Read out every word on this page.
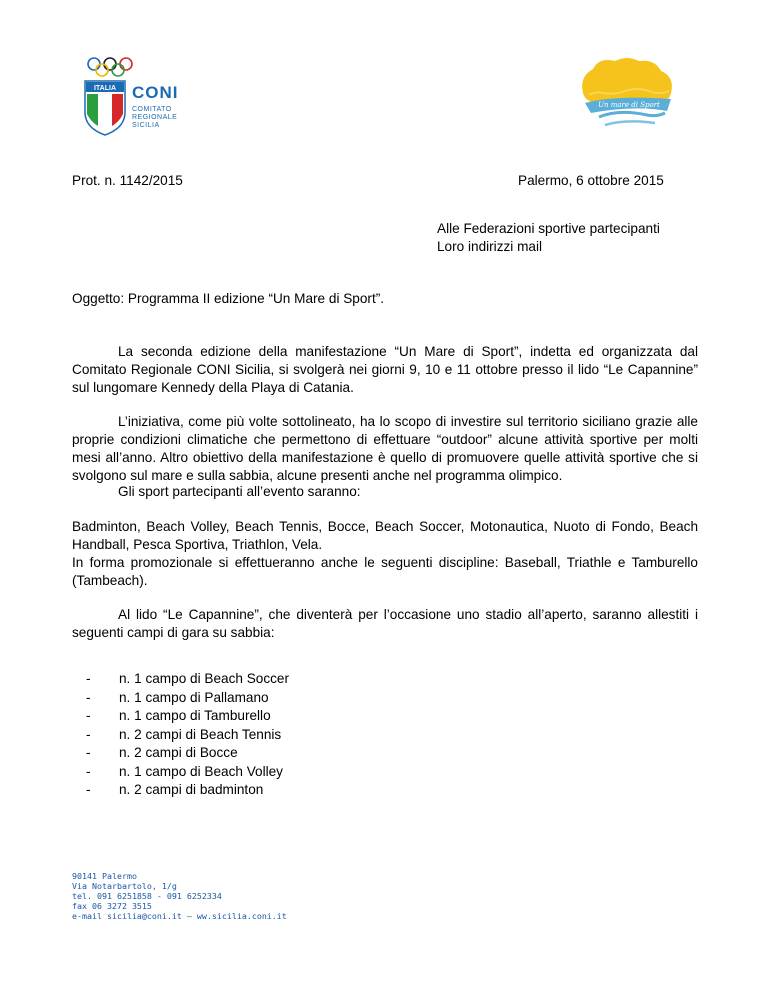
ITALIA CONI
COMITATO
REGIONALE
SICILIA
Un mare di Sport
Prot. n. 1142/2015	Palermo, 6 ottobre 2015
Alle Federazioni sportive partecipanti
Loro indirizzi mail
Oggetto: Programma II edizione “Un Mare di Sport”.
La seconda edizione della manifestazione “Un Mare di Sport”, indetta ed organizzata dal Comitato Regionale CONI Sicilia, si svolgerà nei giorni 9, 10 e 11 ottobre presso il lido “Le Capannine” sul lungomare Kennedy della Playa di Catania.
L’iniziativa, come più volte sottolineato, ha lo scopo di investire sul territorio siciliano grazie alle proprie condizioni climatiche che permettono di effettuare “outdoor” alcune attività sportive per molti mesi all’anno. Altro obiettivo della manifestazione è quello di promuovere quelle attività sportive che si svolgono sul mare e sulla sabbia, alcune presenti anche nel programma olimpico.
Gli sport partecipanti all’evento saranno:
Badminton, Beach Volley, Beach Tennis, Bocce, Beach Soccer, Motonautica, Nuoto di Fondo, Beach Handball, Pesca Sportiva, Triathlon, Vela.
In forma promozionale si effettueranno anche le seguenti discipline: Baseball, Triathle e Tamburello (Tambeach).
Al lido “Le Capannine”, che diventerà per l’occasione uno stadio all’aperto, saranno allestiti i seguenti campi di gara su sabbia:
- n. 1 campo di Beach Soccer
- n. 1 campo di Pallamano
- n. 1 campo di Tamburello
- n. 2 campi di Beach Tennis
- n. 2 campi di Bocce
- n. 1 campo di Beach Volley
- n. 2 campi di badminton
90141 Palermo
Via Notarbartolo, 1/g
tel. 091 6251858 - 091 6252334
fax 06 3272 3515
e-mail sicilia@coni.it – ww.sicilia.coni.it
